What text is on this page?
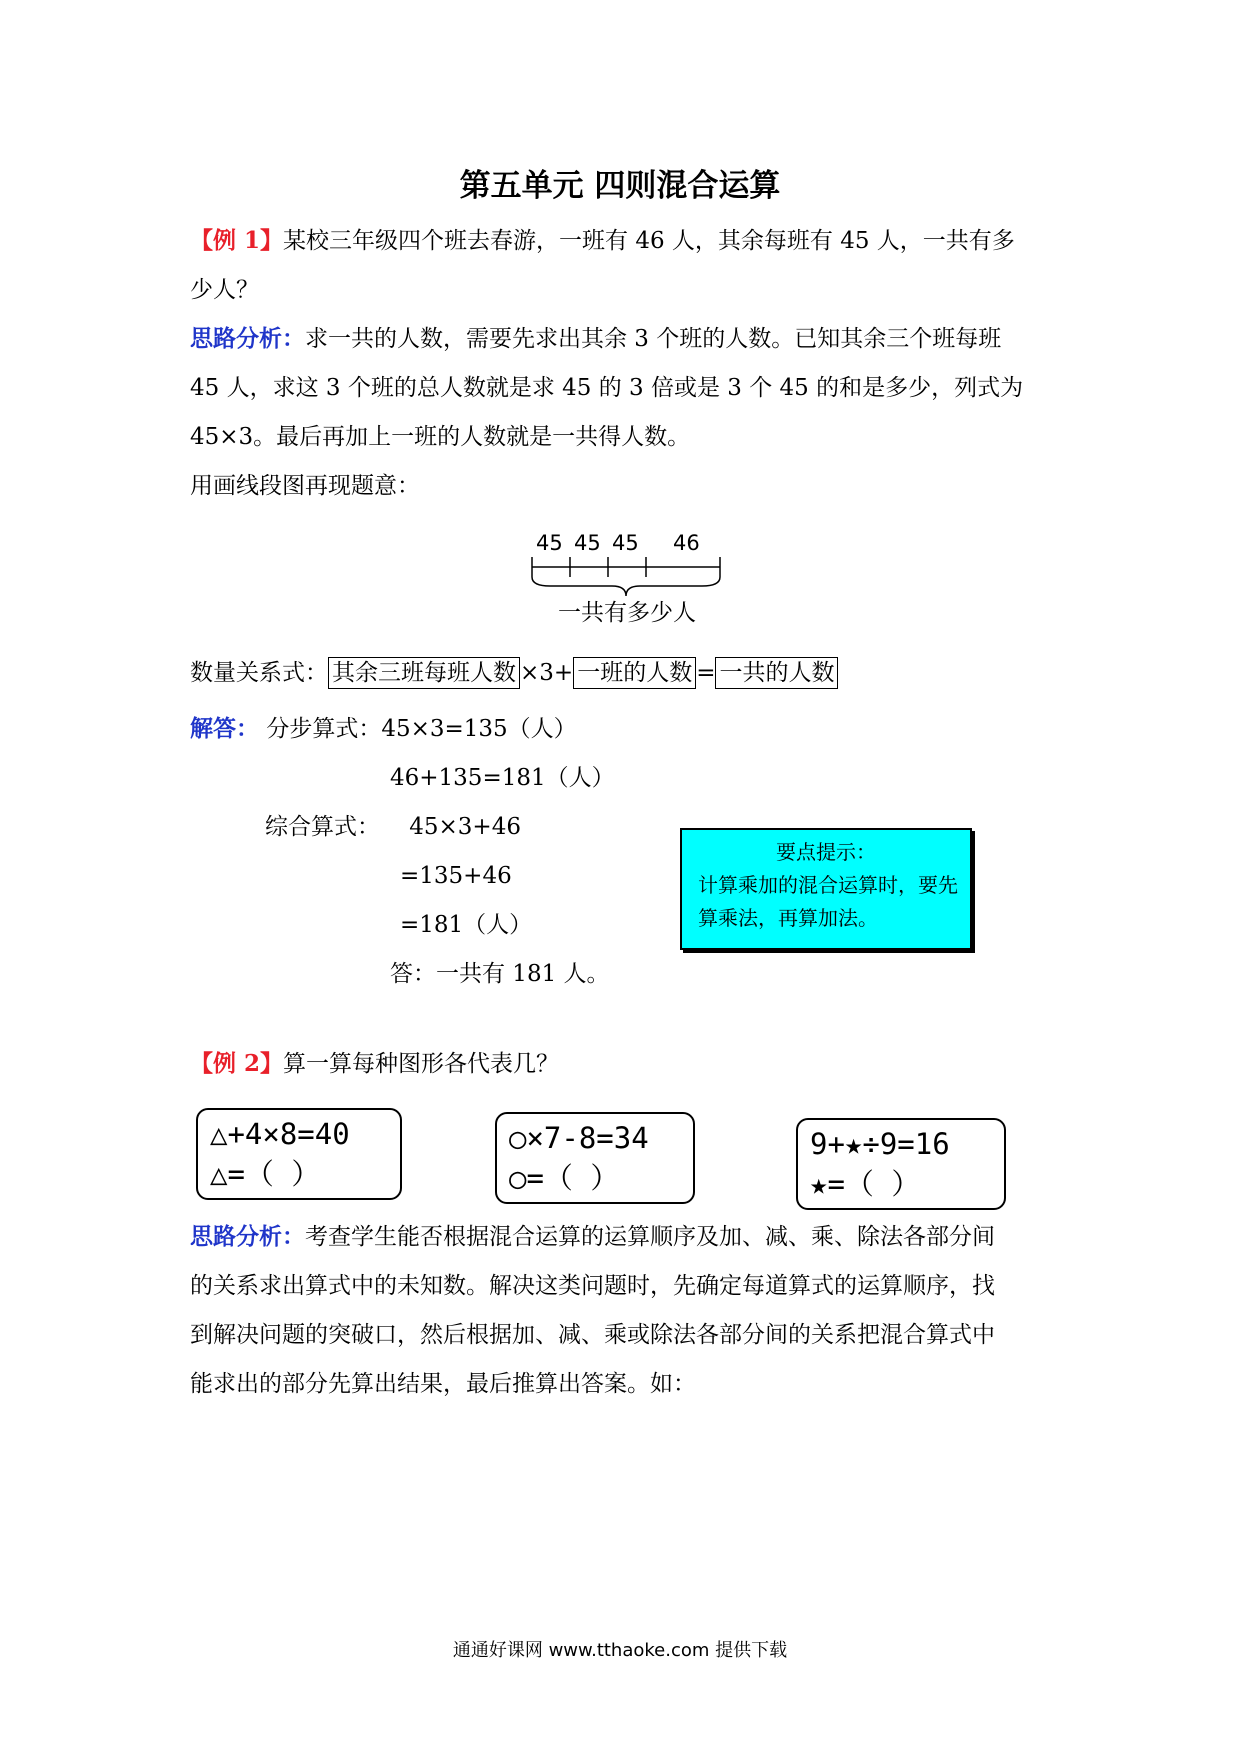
第五单元 四则混合运算
【例 1】某校三年级四个班去春游，一班有 46 人，其余每班有 45 人，一共有多
少人？
思路分析：求一共的人数，需要先求出其余 3 个班的人数。已知其余三个班每班
45 人，求这 3 个班的总人数就是求 45 的 3 倍或是 3 个 45 的和是多少，列式为
45×3。最后再加上一班的人数就是一共得人数。
用画线段图再现题意：
45 45 45 46
一共有多少人
数量关系式： 其余三班每班人数 ×3+ 一班的人数 = 一共的人数
解答： 分步算式：45×3=135（人）
46+135=181（人）
综合算式： 45×3+46
=135+46
=181（人）
答：一共有 181 人。
要点提示：
计算乘加的混合运算时，要先算乘法，再算加法。
【例 2】算一算每种图形各代表几？
△+4×8=40
△=（ ）
○×7-8=34
○=（ ）
9+★÷9=16
★=（ ）
思路分析：考查学生能否根据混合运算的运算顺序及加、减、乘、除法各部分间
的关系求出算式中的未知数。解决这类问题时，先确定每道算式的运算顺序，找
到解决问题的突破口，然后根据加、减、乘或除法各部分间的关系把混合算式中
能求出的部分先算出结果，最后推算出答案。如：
通通好课网 www.tthaoke.com 提供下载
